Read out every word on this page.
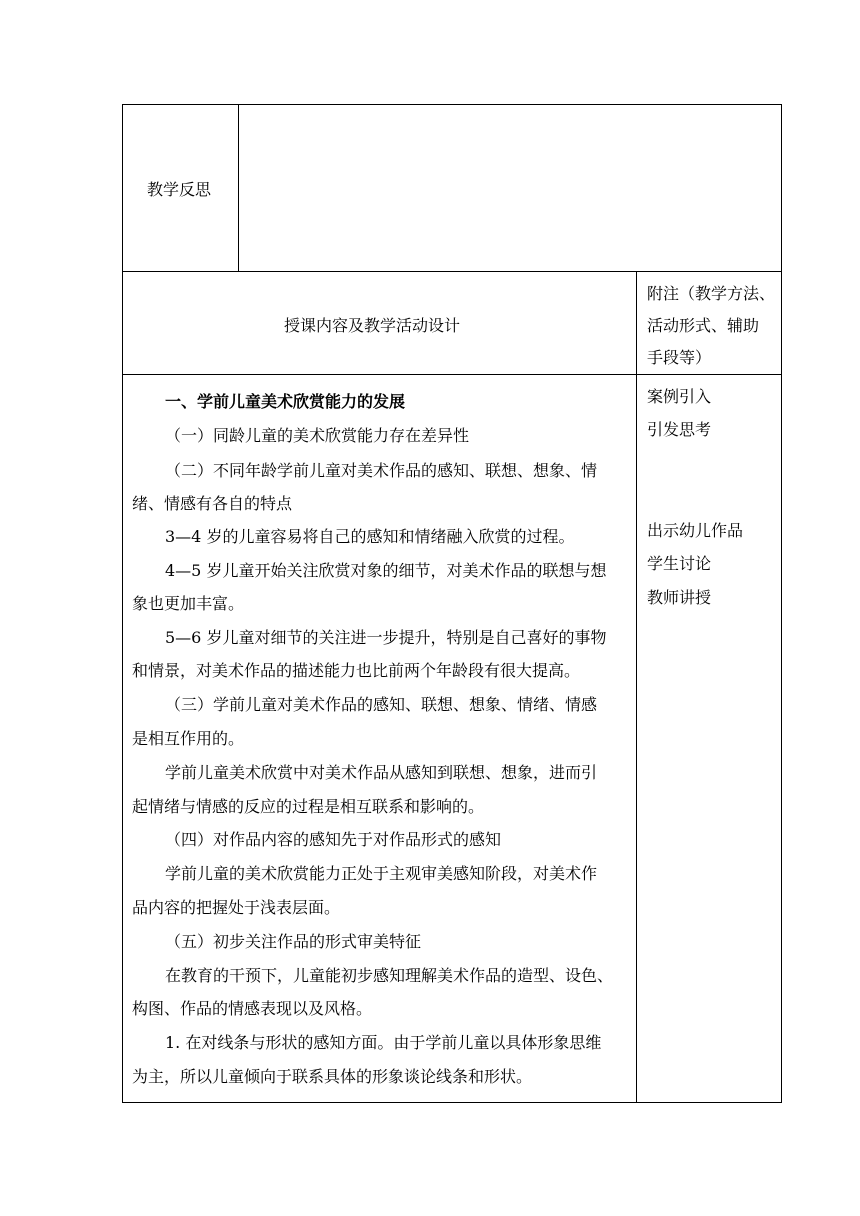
教学反思
授课内容及教学活动设计
附注（教学方法、
活动形式、辅助
手段等）
一、学前儿童美术欣赏能力的发展
（一）同龄儿童的美术欣赏能力存在差异性
（二）不同年龄学前儿童对美术作品的感知、联想、想象、情
绪、情感有各自的特点
3—4 岁的儿童容易将自己的感知和情绪融入欣赏的过程。
4—5 岁儿童开始关注欣赏对象的细节，对美术作品的联想与想
象也更加丰富。
5—6 岁儿童对细节的关注进一步提升，特别是自己喜好的事物
和情景，对美术作品的描述能力也比前两个年龄段有很大提高。
（三）学前儿童对美术作品的感知、联想、想象、情绪、情感
是相互作用的。
学前儿童美术欣赏中对美术作品从感知到联想、想象，进而引
起情绪与情感的反应的过程是相互联系和影响的。
（四）对作品内容的感知先于对作品形式的感知
学前儿童的美术欣赏能力正处于主观审美感知阶段，对美术作
品内容的把握处于浅表层面。
（五）初步关注作品的形式审美特征
在教育的干预下，儿童能初步感知理解美术作品的造型、设色、
构图、作品的情感表现以及风格。
1. 在对线条与形状的感知方面。由于学前儿童以具体形象思维
为主，所以儿童倾向于联系具体的形象谈论线条和形状。
案例引入
引发思考
出示幼儿作品
学生讨论
教师讲授
